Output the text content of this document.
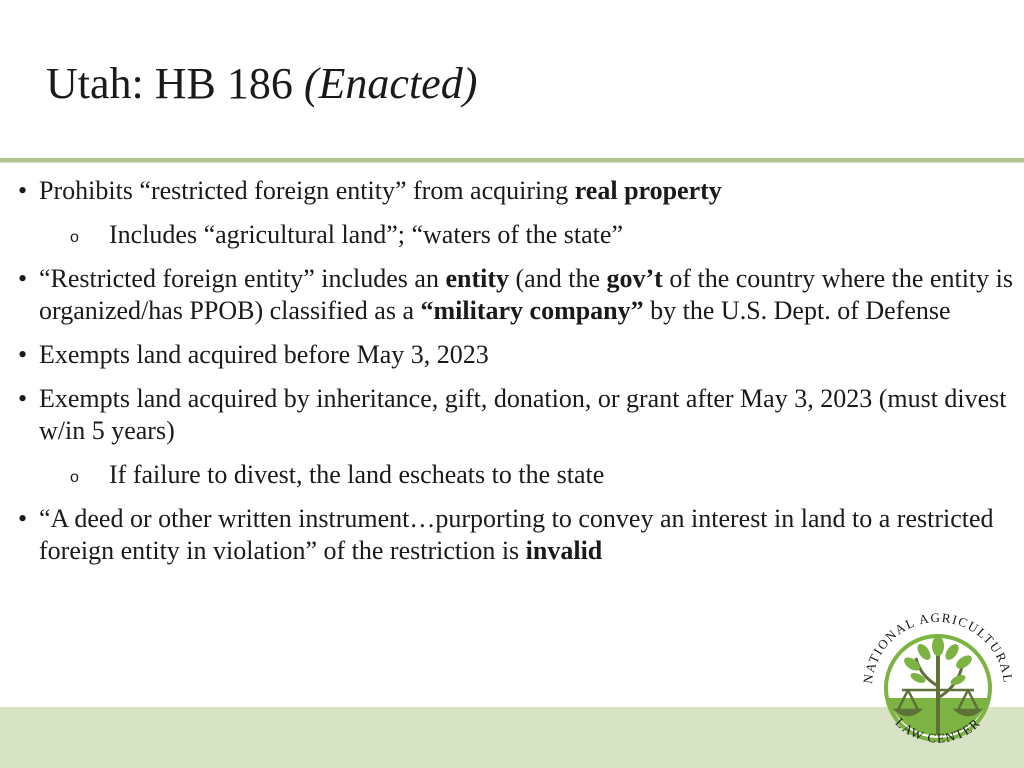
Utah: HB 186 (Enacted)
• Prohibits “restricted foreign entity” from acquiring real property
o Includes “agricultural land”; “waters of the state”
• “Restricted foreign entity” includes an entity (and the gov’t of the country where the entity is organized/has PPOB) classified as a “military company” by the U.S. Dept. of Defense
• Exempts land acquired before May 3, 2023
• Exempts land acquired by inheritance, gift, donation, or grant after May 3, 2023 (must divest w/in 5 years)
o If failure to divest, the land escheats to the state
• “A deed or other written instrument…purporting to convey an interest in land to a restricted foreign entity in violation” of the restriction is invalid
NATIONAL AGRICULTURAL
LAW CENTER
